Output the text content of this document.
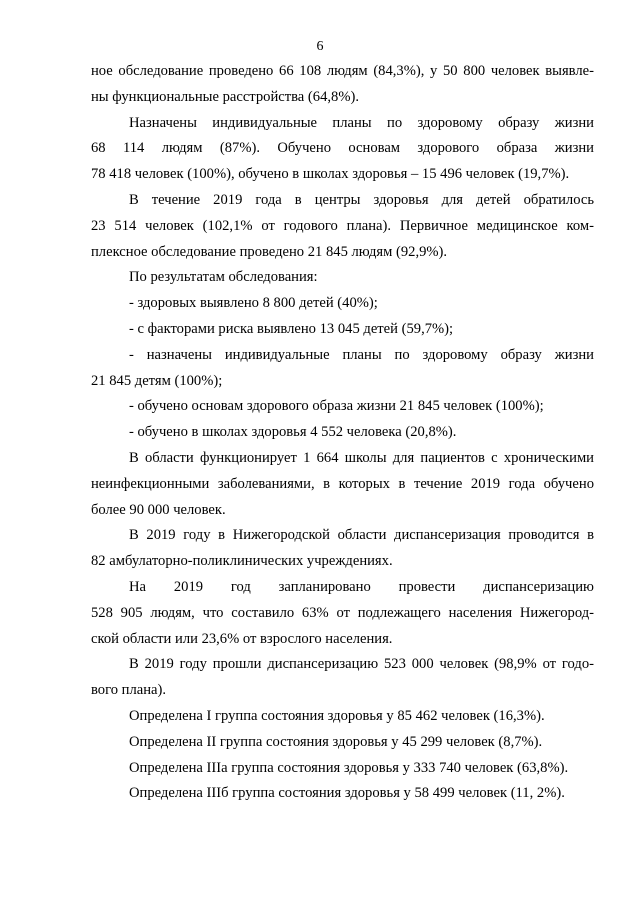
6
ное обследование проведено 66 108 людям (84,3%), у 50 800 человек выявле-
ны функциональные расстройства (64,8%).
Назначены индивидуальные планы по здоровому образу жизни
68 114 людям (87%). Обучено основам здорового образа жизни
78 418 человек (100%), обучено в школах здоровья – 15 496 человек (19,7%).
В течение 2019 года в центры здоровья для детей обратилось
23 514 человек (102,1% от годового плана). Первичное медицинское ком-
плексное обследование проведено 21 845 людям (92,9%).
По результатам обследования:
- здоровых выявлено 8 800 детей (40%);
- с факторами риска выявлено 13 045 детей (59,7%);
- назначены индивидуальные планы по здоровому образу жизни
21 845 детям (100%);
- обучено основам здорового образа жизни 21 845 человек (100%);
- обучено в школах здоровья 4 552 человека (20,8%).
В области функционирует 1 664 школы для пациентов с хроническими
неинфекционными заболеваниями, в которых в течение 2019 года обучено
более 90 000 человек.
В 2019 году в Нижегородской области диспансеризация проводится в
82 амбулаторно-поликлинических учреждениях.
На 2019 год запланировано провести диспансеризацию
528 905 людям, что составило 63% от подлежащего населения Нижегород-
ской области или 23,6% от взрослого населения.
В 2019 году прошли диспансеризацию 523 000 человек (98,9% от годо-
вого плана).
Определена I группа состояния здоровья у 85 462 человек (16,3%).
Определена II группа состояния здоровья у 45 299 человек (8,7%).
Определена IIIа группа состояния здоровья у 333 740 человек (63,8%).
Определена IIIб группа состояния здоровья у 58 499 человек (11, 2%).
